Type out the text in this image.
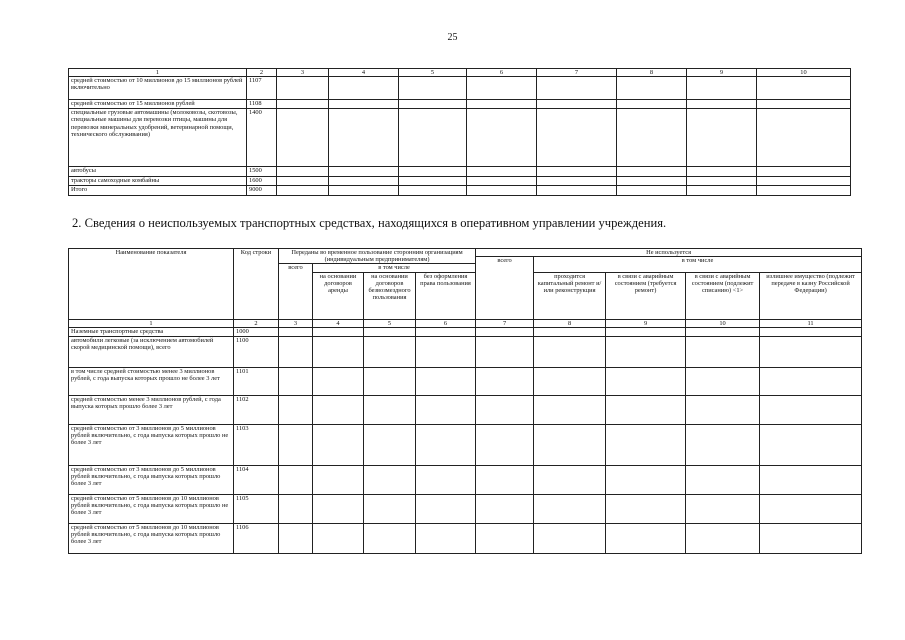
25
1	2	3	4	5	6	7	8	9	10
средней стоимостью от 10 миллионов до 15 миллионов рублей включительно	1107								
средней стоимостью от 15 миллионов рублей	1108								
специальные грузовые автомашины (молоковозы, скотовозы, специальные машины для перевозки птицы, машины для перевозки минеральных удобрений, ветеринарной помощи, технического обслуживания)	1400								
автобусы	1500								
тракторы самоходные комбайны	1600								
Итого	9000								
2. Сведения о неиспользуемых транспортных средствах, находящихся в оперативном управлении учреждения.
Наименование показателя	Код строки	Переданы во временное пользование сторонним организациям (индивидуальным предпринимателям)				Не используется				
						всего	в том числе			
		всего	в том числе							
			на основании договоров аренды	на основании договоров безвозмездного пользования	без оформления права пользования		проходится капитальный ремонт и/или реконструкция	в связи с аварийным состоянием (требуется ремонт)	в связи с аварийным состоянием (подлежит списанию) <1>	излишнее имущество (подлежит передаче в казну Российской Федерации)
1	2	3	4	5	6	7	8	9	10	11
Наземные транспортные средства	1000									
автомобили легковые (за исключением автомобилей скорой медицинской помощи), всего	1100									
в том числе средней стоимостью менее 3 миллионов рублей, с года выпуска которых прошло не более 3 лет	1101									
средней стоимостью менее 3 миллионов рублей, с года выпуска которых прошло более 3 лет	1102									
средней стоимостью от 3 миллионов до 5 миллионов рублей включительно, с года выпуска которых прошло не более 3 лет	1103									
средней стоимостью от 3 миллионов до 5 миллионов рублей включительно, с года выпуска которых прошло более 3 лет	1104									
средней стоимостью от 5 миллионов до 10 миллионов рублей включительно, с года выпуска которых прошло не более 3 лет	1105									
средней стоимостью от 5 миллионов до 10 миллионов рублей включительно, с года выпуска которых прошло более 3 лет	1106									
